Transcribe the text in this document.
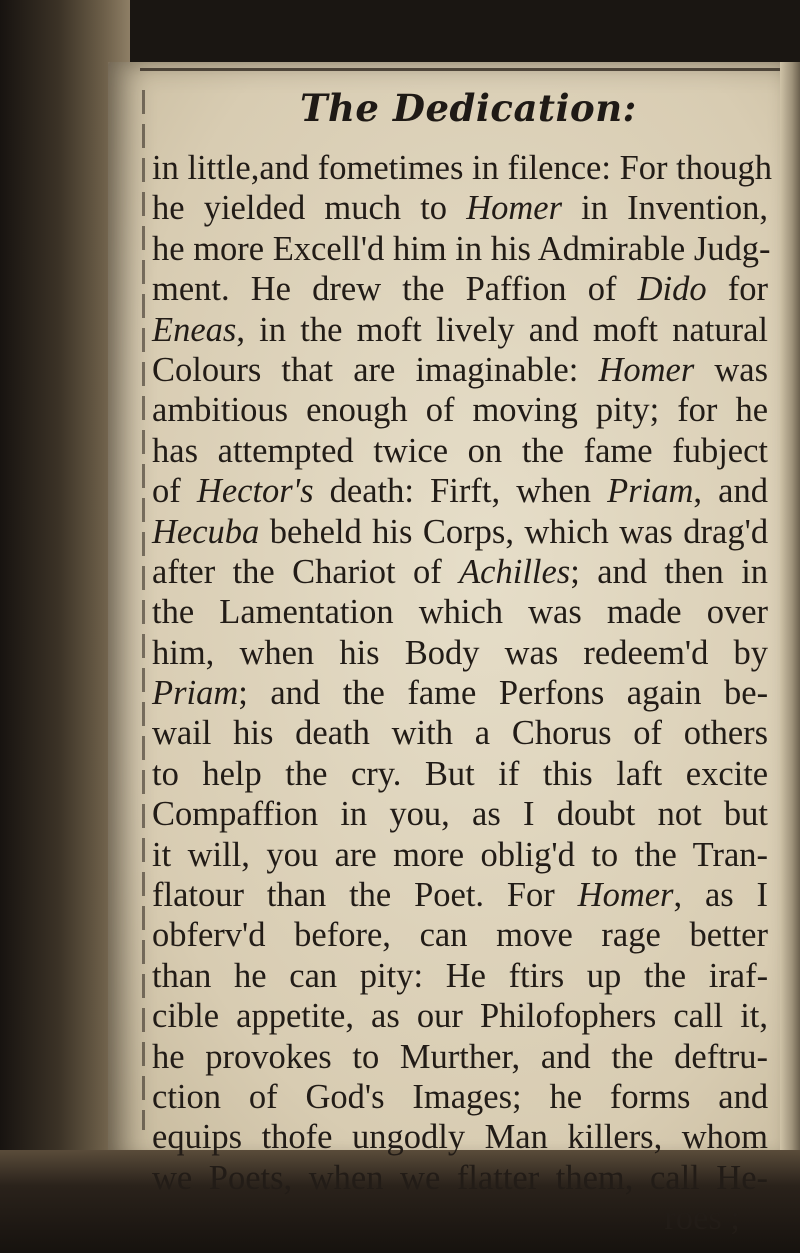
The Dedication:
in little,and fometimes in filence: For though
he yielded much to Homer in Invention,
he more Excell'd him in his Admirable Judg-
ment. He drew the Paffion of Dido for
Eneas, in the moft lively and moft natural
Colours that are imaginable: Homer was
ambitious enough of moving pity; for he
has attempted twice on the fame fubject
of Hector's death: Firft, when Priam, and
Hecuba beheld his Corps, which was drag'd
after the Chariot of Achilles; and then in
the Lamentation which was made over
him, when his Body was redeem'd by
Priam; and the fame Perfons again be-
wail his death with a Chorus of others
to help the cry. But if this laft excite
Compaffion in you, as I doubt not but
it will, you are more oblig'd to the Tran-
flatour than the Poet. For Homer, as I
obferv'd before, can move rage better
than he can pity: He ftirs up the iraf-
cible appetite, as our Philofophers call it,
he provokes to Murther, and the deftru-
ction of God's Images; he forms and
equips thofe ungodly Man killers, whom
we Poets, when we flatter them, call He-
roes ;
